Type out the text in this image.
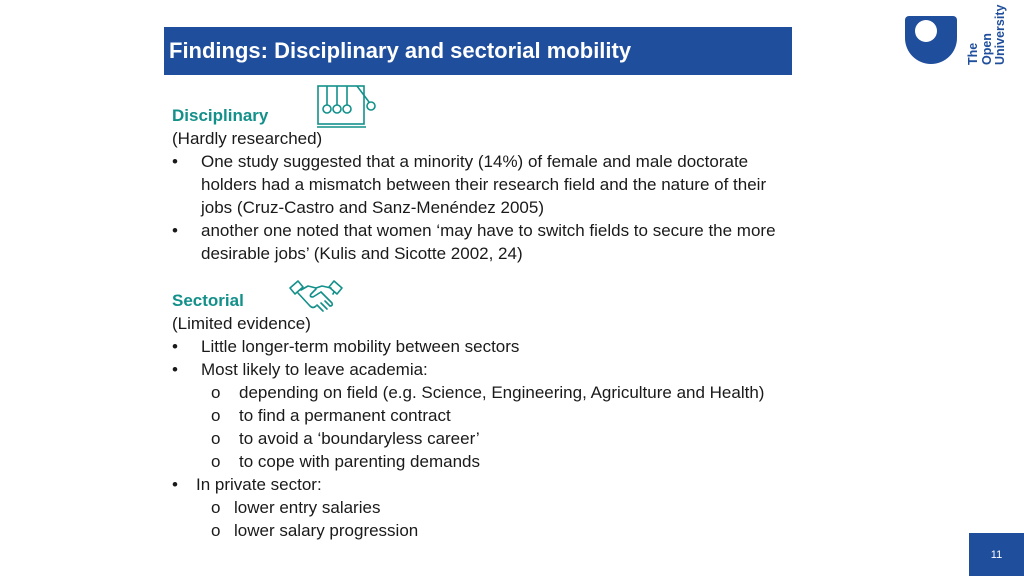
Findings: Disciplinary and sectorial mobility	The Open University
Disciplinary
(Hardly researched)
• One study suggested that a minority (14%) of female and male doctorate
holders had a mismatch between their research field and the nature of their
jobs (Cruz-Castro and Sanz-Menéndez 2005)
• another one noted that women ‘may have to switch fields to secure the more
desirable jobs’ (Kulis and Sicotte 2002, 24)
Sectorial
(Limited evidence)
• Little longer-term mobility between sectors
• Most likely to leave academia:
o depending on field (e.g. Science, Engineering, Agriculture and Health)
o to find a permanent contract
o to avoid a ‘boundaryless career’
o to cope with parenting demands
• In private sector:
o lower entry salaries
o lower salary progression
11
